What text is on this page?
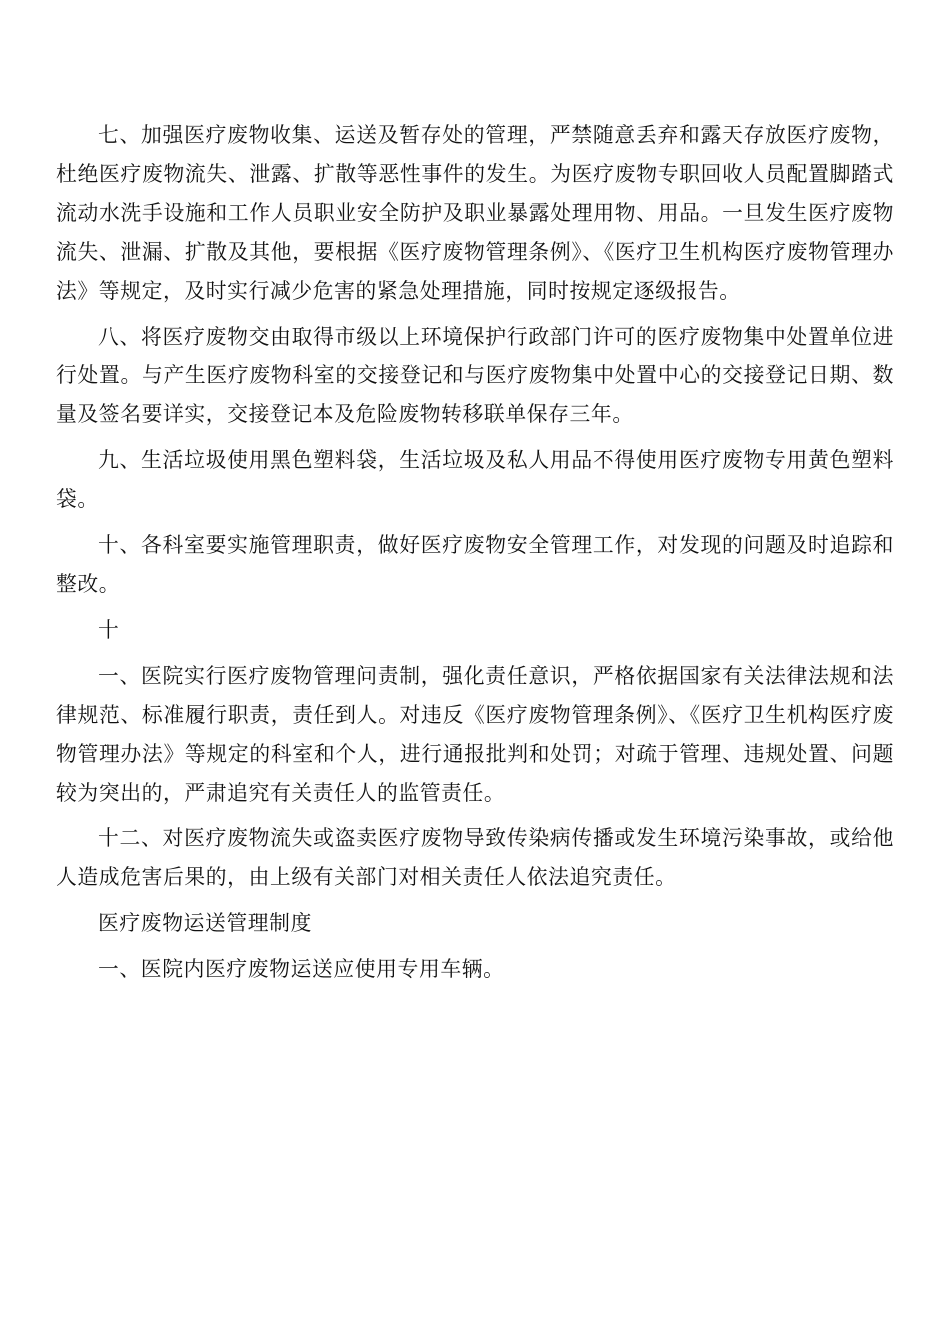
七、加强医疗废物收集、运送及暂存处的管理，严禁随意丢弃和露天存放医疗废物，杜绝医疗废物流失、泄露、扩散等恶性事件的发生。为医疗废物专职回收人员配置脚踏式流动水洗手设施和工作人员职业安全防护及职业暴露处理用物、用品。一旦发生医疗废物流失、泄漏、扩散及其他，要根据《医疗废物管理条例》、《医疗卫生机构医疗废物管理办法》等规定，及时实行减少危害的紧急处理措施，同时按规定逐级报告。

八、将医疗废物交由取得市级以上环境保护行政部门许可的医疗废物集中处置单位进行处置。与产生医疗废物科室的交接登记和与医疗废物集中处置中心的交接登记日期、数量及签名要详实，交接登记本及危险废物转移联单保存三年。

九、生活垃圾使用黑色塑料袋，生活垃圾及私人用品不得使用医疗废物专用黄色塑料袋。

十、各科室要实施管理职责，做好医疗废物安全管理工作，对发现的问题及时追踪和整改。

十

一、医院实行医疗废物管理问责制，强化责任意识，严格依据国家有关法律法规和法律规范、标准履行职责，责任到人。对违反《医疗废物管理条例》、《医疗卫生机构医疗废物管理办法》等规定的科室和个人，进行通报批判和处罚；对疏于管理、违规处置、问题较为突出的，严肃追究有关责任人的监管责任。

十二、对医疗废物流失或盗卖医疗废物导致传染病传播或发生环境污染事故，或给他人造成危害后果的，由上级有关部门对相关责任人依法追究责任。

医疗废物运送管理制度

一、医院内医疗废物运送应使用专用车辆。
